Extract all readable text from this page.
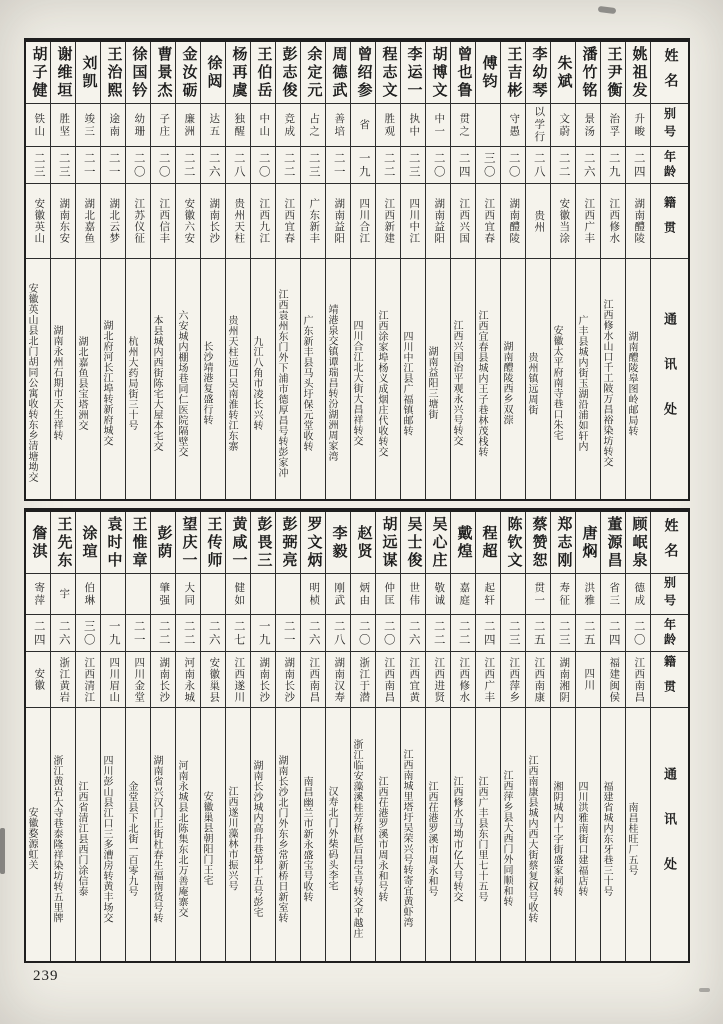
姓名
别号
年龄
籍贯
通讯处
姚祖发
升畯
二四
湖南醴陵
湖南醴陵皋图岭邮局转
王尹衡
治孚
二九
江西修水
江西修水山口千工陂万昌裕染坊转交
潘竹铭
景汤
二六
江西广丰
广丰县城内街玉湖沿浦如轩内
朱斌
文蔚
二二
安徽当涂
安徽太平府南寺巷口朱宅
李幼琴
以学行
二八
贵州
贵州镇远周街
王吉彬
守愚
二〇
湖南醴陵
湖南醴陵西乡双漴
傅钧
三〇
江西宜春
江西宜春县城内王子巷林茂栈转
曾也鲁
贯之
二四
江西兴国
江西兴国治平观永兴号转交
胡博文
中一
二〇
湖南益阳
湖南益阳三塘街
李运一
执中
二三
四川中江
四川中江县广福镇邮转
程志文
胜观
二二
江西新建
江西涂家埠杨义成烟庄代收转交
曾绍参
省
一九
四川合江
四川合江北大街大昌祥转交
周德武
善培
二一
湖南益阳
靖港泉交镇谭瑞昌转汾湖洲周家湾
余定元
占之
二三
广东新丰
广东新丰县马头圩保元堂收转
彭志俊
竞成
二二
江西宜春
江西袁州东门外下浦市德厚昌号转彭家冲
王伯岳
中山
二〇
江西九江
九江八角市凌长兴转
杨再虞
独醒
二八
贵州天柱
贵州天柱远口吴南淮转江东寨
徐闼
达五
二六
湖南长沙
长沙靖港复盛行转
金汝砺
廉洲
二二
安徽六安
六安城内棚场巷同仁医院隔壁交
曹景杰
子庄
二〇
江西信丰
本县城内西街陈宅大屋本宅交
徐国钤
幼珊
二〇
江苏仪征
杭州大药局街三十号
王治熙
途南
二一
湖北云梦
湖北府河长江埠转新府城交
刘凯
竣三
二一
湖北嘉鱼
湖北嘉鱼县宝塔洲交
谢维垣
胜坚
二三
湖南东安
湖南永州石期市天生祥转
胡子健
铁山
二三
安徽英山
安徽英山县北门胡同公寓收转东乡清塘坳交
姓名
别号
年龄
籍贯
通讯处
顾岷泉
德成
二〇
江西南昌
南昌桂旺厂五号
董源昌
省三
二四
福建闽侯
福建省城内东牙巷三十号
唐焖
洪雅
二五
四川
四川洪雅南街口建福店转
郑志刚
寿征
二三
湖南湘阴
湘阴城内十字街盛家祠转
蔡赞恕
贯一
二五
江西南康
江西南康县城内西大街蔡复权号收转
陈钦文
二三
江西萍乡
江西萍乡县大西门外同顺和转
程超
起轩
二四
江西广丰
江西广丰县东门里七十五号
戴煌
嘉庭
二二
江西修水
江西修水马坳市亿大号转交
吴心庄
敬诚
二二
江西进贤
江西茌港罗溪市周永和号
吴士俊
世伟
二六
江西宜黄
江西南城里塔圩吴荣兴号转寄宜黄虾湾
胡远谋
仲匡
二〇
江西南昌
江西茌港罗溪市周永和号转
赵贤
炳由
二〇
浙江于潜
浙江临安藻溪桂芳桥赵后昌宝号转交平越庄
李毅
刚武
二八
湖南汉寿
汉寿北门外柴码头李宅
罗文炳
明桢
二六
江西南昌
南昌幽兰市新永盛宝号收转
彭弼亮
二一
湖南长沙
湖南长沙北门外东乡常新桥日新室转
彭畏三
一九
湖南长沙
湖南长沙城内高升巷第十五号彭宅
黄咸一
健如
二七
江西遂川
江西遂川藻林市振兴号
王传师
二六
安徽巢县
安徽巢县朝阳门王宅
望庆一
大同
二二
河南永城
河南永城县北陈集东北万善庵寨交
彭荫
肇强
二二
湖南长沙
湖南省兴汉门正街杜春生福南货号转
王惟章
二一
四川金堂
金堂县下北街一百零九号
袁时中
一九
四川眉山
四川彭山县江口三多漕房转黄丰场交
涂瑄
伯琳
三〇
江西清江
江西省清江县西门涂信泰
王先东
宇
二六
浙江黄岩
浙江黄岩大寺巷泰隆祥染坊转五里牌
詹淇
寄萍
二四
安徽
安徽婺源虹关
239
